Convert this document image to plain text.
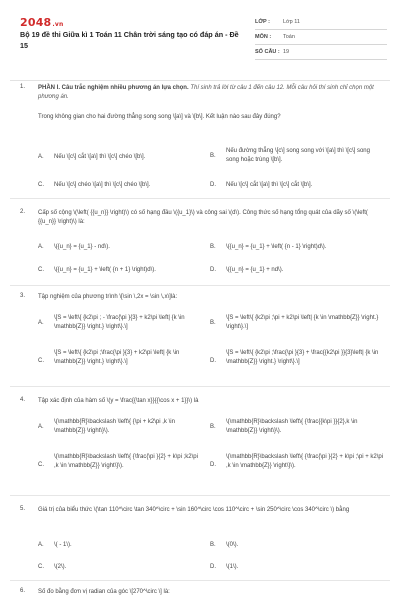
2048.vn
Bộ 19 đề thi Giữa kì 1 Toán 11 Chân trời sáng tạo có đáp án - Đề 15
LỚP :	Lớp 11
MÔN :	Toán
SỐ CÂU : 19
1. PHẦN I. Câu trắc nghiệm nhiều phương án lựa chọn. Thí sinh trả lời từ câu 1 đến câu 12. Mỗi câu hỏi thí sinh chỉ chọn một phương án.
Trong không gian cho hai đường thẳng song song \[a\] và \[b\]. Kết luận nào sau đây đúng?
A. Nếu \[c\] cắt \[a\] thì \[c\] chéo \[b\].	B.
Nếu đường thẳng \[c\] song song với \[a\] thì \[c\] song song hoặc trùng \[b\].
C. Nếu \[c\] chéo \[a\] thì \[c\] chéo \[b\].	D. Nếu \[c\] cắt \[a\] thì \[c\] cắt \[b\].
2. Cấp số cộng \(\left( {{u_n}} \right)\) có số hạng đầu \({u_1}\) và công sai \(d\). Công thức số hạng tổng quát của dãy số \(\left( {{u_n}} \right)\) là:
A. \({u_n} = {u_1} - nd\).	B. \({u_n} = {u_1} + \left( {n - 1} \right)d\).
C. \({u_n} = {u_1} + \left( {n + 1} \right)d\).	D. \({u_n} = {u_1} + nd\).
3. Tập nghiệm của phương trình \[\sin \,2x = \sin \,x\]là:
A.
\[S = \left\{ {k2\pi ; - \frac{\pi }{3} + k2\pi \left| {k \in \mathbb{Z}} \right.} \right\}.\]
B.
\[S = \left\{ {k2\pi ;\pi + k2\pi \left| {k \in \mathbb{Z}} \right.} \right\}.\]
C.
\[S = \left\{ {k2\pi ;\frac{\pi }{3} + k2\pi \left| {k \in \mathbb{Z}} \right.} \right\}.\]	D.
\[S = \left\{ {k2\pi ;\frac{\pi }{3} + \frac{{k2\pi }}{3}\left| {k \in \mathbb{Z}} \right.} \right\}.\]
4. Tập xác định của hàm số \(y = \frac{{\tan x}}{{\cos x + 1}}\) là
A.
\(\mathbb{R}\backslash \left\{ {\pi + k2\pi ,k \in \mathbb{Z}} \right\}\).
B.
\(\mathbb{R}\backslash \left\{ {\frac{{k\pi }}{2},k \in \mathbb{Z}} \right\}\).
C.
\(\mathbb{R}\backslash \left\{ {\frac{\pi }{2} + k\pi ;k2\pi ,k \in \mathbb{Z}} \right\}\).	D.
\(\mathbb{R}\backslash \left\{ {\frac{\pi }{2} + k\pi ;\pi + k2\pi ,k \in \mathbb{Z}} \right\}\).
5. Giá trị của biểu thức \(\tan 110^\circ \tan 340^\circ + \sin 160^\circ \cos 110^\circ + \sin 250^\circ \cos 340^\circ \) bằng
A. \( - 1\).	B. \(0\).
C. \(2\).	D. \(1\).
6. Số đo bằng đơn vị radian của góc \[270^\circ \] là:
